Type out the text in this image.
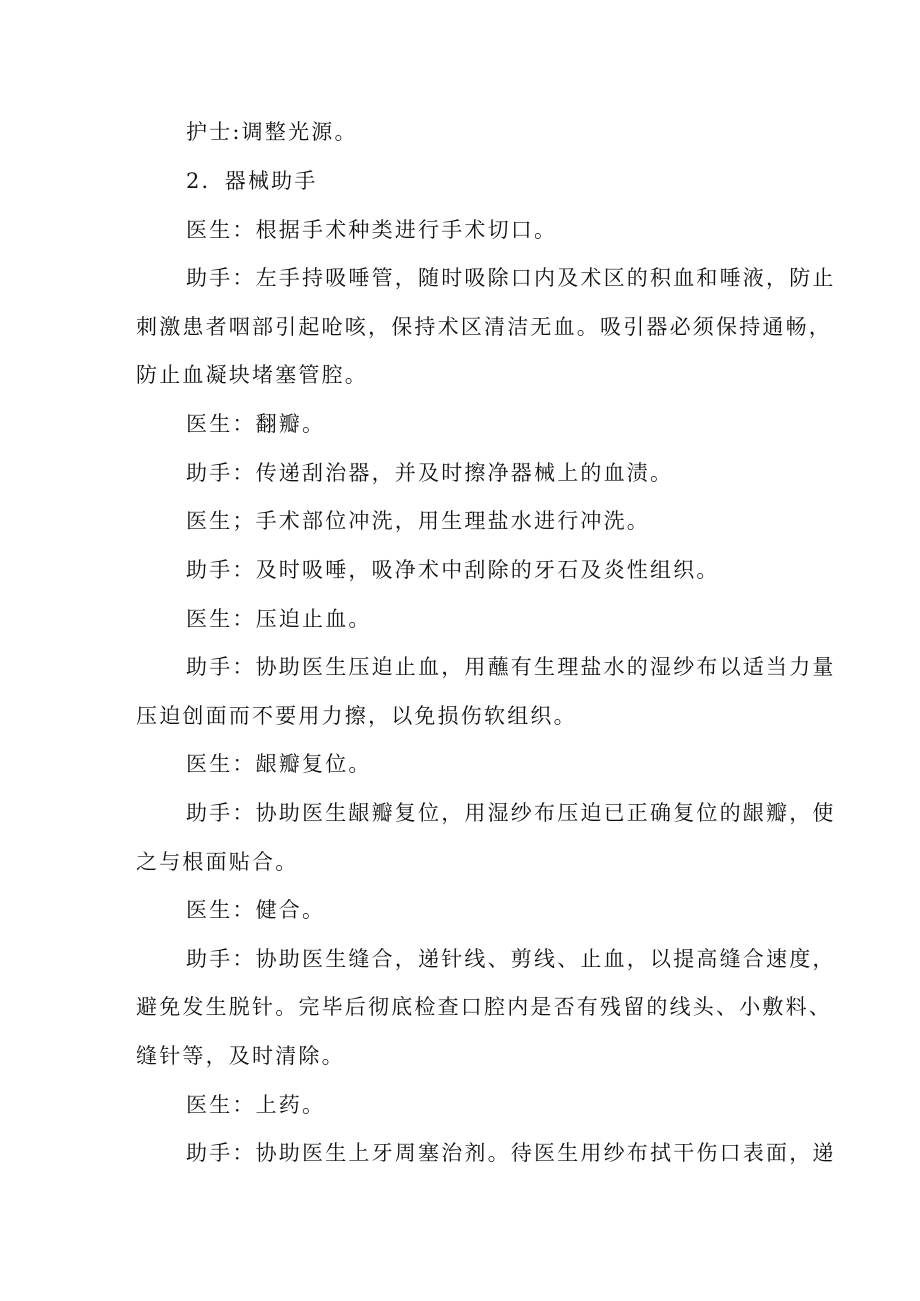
护士:调整光源。
2．器械助手
医生：根据手术种类进行手术切口。
助手：左手持吸唾管，随时吸除口内及术区的积血和唾液，防止
刺激患者咽部引起呛咳，保持术区清洁无血。吸引器必须保持通畅，
防止血凝块堵塞管腔。
医生：翻瓣。
助手：传递刮治器，并及时擦净器械上的血渍。
医生；手术部位冲洗，用生理盐水进行冲洗。
助手：及时吸唾，吸净术中刮除的牙石及炎性组织。
医生：压迫止血。
助手：协助医生压迫止血，用蘸有生理盐水的湿纱布以适当力量
压迫创面而不要用力擦，以免损伤软组织。
医生：龈瓣复位。
助手：协助医生龈瓣复位，用湿纱布压迫已正确复位的龈瓣，使
之与根面贴合。
医生：健合。
助手：协助医生缝合，递针线、剪线、止血，以提高缝合速度，
避免发生脱针。完毕后彻底检查口腔内是否有残留的线头、小敷料、
缝针等，及时清除。
医生：上药。
助手：协助医生上牙周塞治剂。待医生用纱布拭干伤口表面，递
